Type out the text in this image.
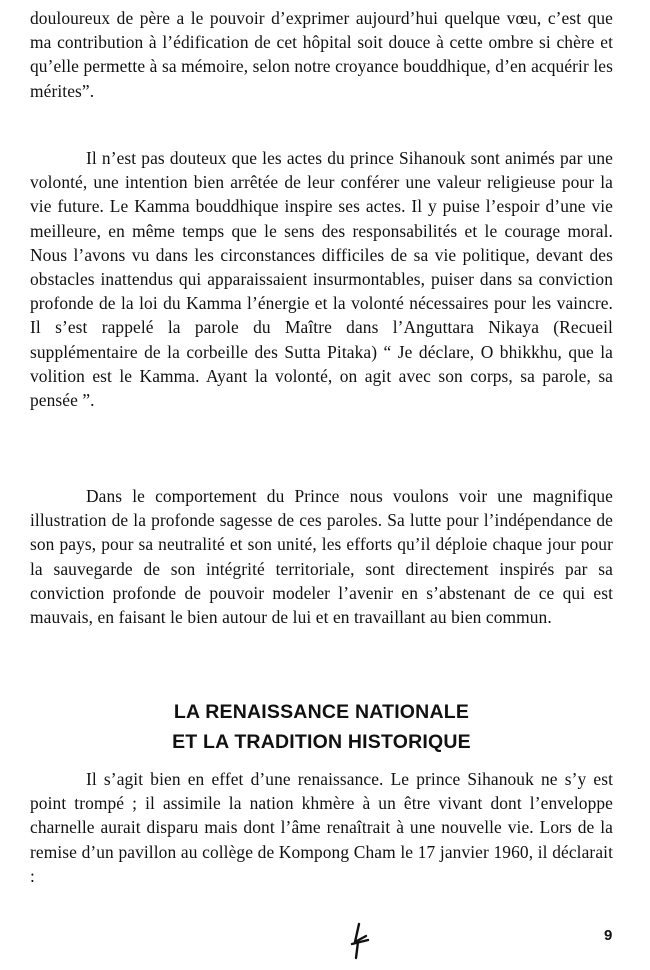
douloureux de père a le pouvoir d’exprimer aujourd’hui quelque vœu, c’est que ma contribution à l’édification de cet hôpital soit douce à cette ombre si chère et qu’elle permette à sa mémoire, selon notre croyance bouddhique, d’en acquérir les mérites”.

Il n’est pas douteux que les actes du prince Sihanouk sont animés par une volonté, une intention bien arrêtée de leur conférer une valeur religieuse pour la vie future. Le Kamma bouddhique inspire ses actes. Il y puise l’espoir d’une vie meilleure, en même temps que le sens des responsabilités et le courage moral. Nous l’avons vu dans les circonstances difficiles de sa vie politique, devant des obstacles inattendus qui apparaissaient insurmontables, puiser dans sa conviction profonde de la loi du Kamma l’énergie et la volonté nécessaires pour les vaincre. Il s’est rappelé la parole du Maître dans l’Anguttara Nikaya (Recueil supplémentaire de la corbeille des Sutta Pitaka) “ Je déclare, O bhikkhu, que la volition est le Kamma. Ayant la volonté, on agit avec son corps, sa parole, sa pensée ”.

Dans le comportement du Prince nous voulons voir une magnifique illustration de la profonde sagesse de ces paroles. Sa lutte pour l’indépendance de son pays, pour sa neutralité et son unité, les efforts qu’il déploie chaque jour pour la sauvegarde de son intégrité territoriale, sont directement inspirés par sa conviction profonde de pouvoir modeler l’avenir en s’abstenant de ce qui est mauvais, en faisant le bien autour de lui et en travaillant au bien commun.

LA RENAISSANCE NATIONALE
ET LA TRADITION HISTORIQUE

Il s’agit bien en effet d’une renaissance. Le prince Sihanouk ne s’y est point trompé ; il assimile la nation khmère à un être vivant dont l’enveloppe charnelle aurait disparu mais dont l’âme renaîtrait à une nouvelle vie. Lors de la remise d’un pavillon au collège de Kompong Cham le 17 janvier 1960, il déclarait :

9
